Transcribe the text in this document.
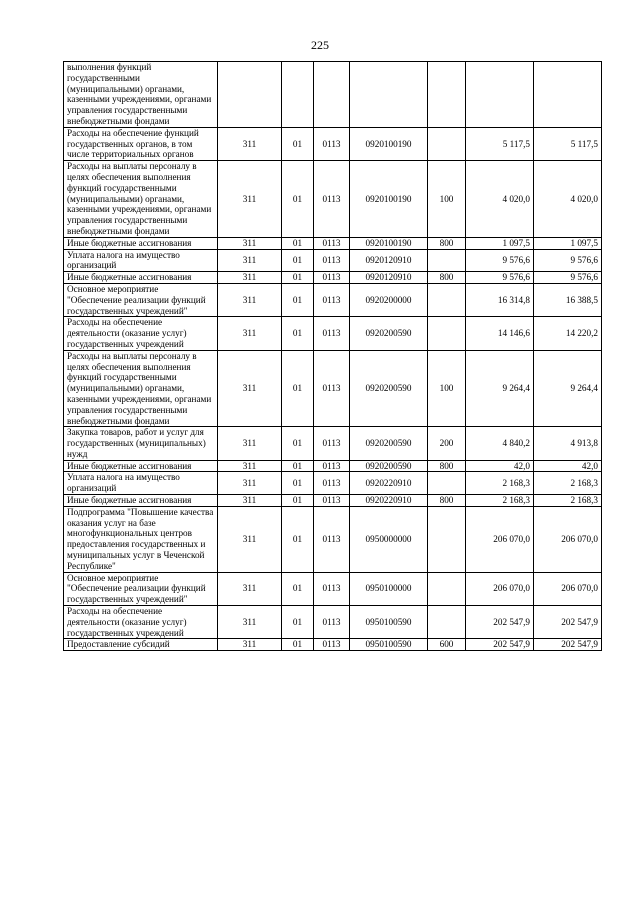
225
выполнения функций государственными (муниципальными) органами, казенными учреждениями, органами управления государственными внебюджетными фондами							
Расходы на обеспечение функций государственных органов, в том числе территориальных органов	311	01	0113	0920100190		5 117,5	5 117,5
Расходы на выплаты персоналу в целях обеспечения выполнения функций государственными (муниципальными) органами, казенными учреждениями, органами управления государственными внебюджетными фондами	311	01	0113	0920100190	100	4 020,0	4 020,0
Иные бюджетные ассигнования	311	01	0113	0920100190	800	1 097,5	1 097,5
Уплата налога на имущество организаций	311	01	0113	0920120910		9 576,6	9 576,6
Иные бюджетные ассигнования	311	01	0113	0920120910	800	9 576,6	9 576,6
Основное мероприятие "Обеспечение реализации функций государственных учреждений"	311	01	0113	0920200000		16 314,8	16 388,5
Расходы на обеспечение деятельности (оказание услуг) государственных учреждений	311	01	0113	0920200590		14 146,6	14 220,2
Расходы на выплаты персоналу в целях обеспечения выполнения функций государственными (муниципальными) органами, казенными учреждениями, органами управления государственными внебюджетными фондами	311	01	0113	0920200590	100	9 264,4	9 264,4
Закупка товаров, работ и услуг для государственных (муниципальных) нужд	311	01	0113	0920200590	200	4 840,2	4 913,8
Иные бюджетные ассигнования	311	01	0113	0920200590	800	42,0	42,0
Уплата налога на имущество организаций	311	01	0113	0920220910		2 168,3	2 168,3
Иные бюджетные ассигнования	311	01	0113	0920220910	800	2 168,3	2 168,3
Подпрограмма "Повышение качества оказания услуг на базе многофункциональных центров предоставления государственных и муниципальных услуг в Чеченской Республике"	311	01	0113	0950000000		206 070,0	206 070,0
Основное мероприятие "Обеспечение реализации функций государственных учреждений"	311	01	0113	0950100000		206 070,0	206 070,0
Расходы на обеспечение деятельности (оказание услуг) государственных учреждений	311	01	0113	0950100590		202 547,9	202 547,9
Предоставление субсидий	311	01	0113	0950100590	600	202 547,9	202 547,9
